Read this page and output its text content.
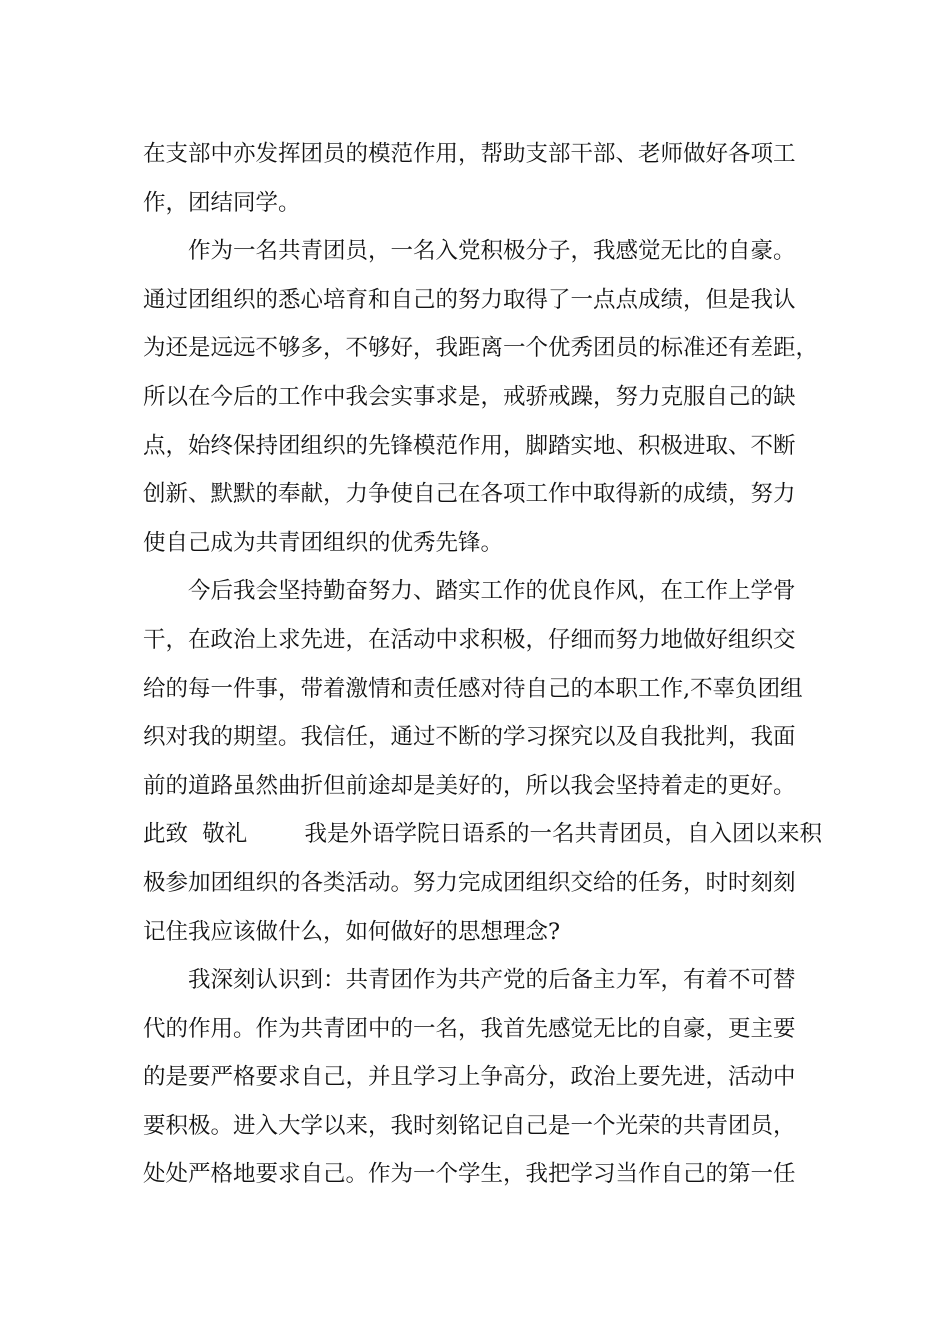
在支部中亦发挥团员的模范作用，帮助支部干部、老师做好各项工
作，团结同学。
作为一名共青团员，一名入党积极分子，我感觉无比的自豪。
通过团组织的悉心培育和自己的努力取得了一点点成绩，但是我认
为还是远远不够多，不够好，我距离一个优秀团员的标准还有差距，
所以在今后的工作中我会实事求是，戒骄戒躁，努力克服自己的缺
点，始终保持团组织的先锋模范作用，脚踏实地、积极进取、不断
创新、默默的奉献，力争使自己在各项工作中取得新的成绩，努力
使自己成为共青团组织的优秀先锋。
今后我会坚持勤奋努力、踏实工作的优良作风，在工作上学骨
干，在政治上求先进，在活动中求积极，仔细而努力地做好组织交
给的每一件事，带着激情和责任感对待自己的本职工作,不辜负团组
织对我的期望。我信任，通过不断的学习探究以及自我批判，我面
前的道路虽然曲折但前途却是美好的，所以我会坚持着走的更好。
此致  敬礼        我是外语学院日语系的一名共青团员，自入团以来积
极参加团组织的各类活动。努力完成团组织交给的任务，时时刻刻
记住我应该做什么，如何做好的思想理念?
我深刻认识到：共青团作为共产党的后备主力军，有着不可替
代的作用。作为共青团中的一名，我首先感觉无比的自豪，更主要
的是要严格要求自己，并且学习上争高分，政治上要先进，活动中
要积极。进入大学以来，我时刻铭记自己是一个光荣的共青团员，
处处严格地要求自己。作为一个学生，我把学习当作自己的第一任
